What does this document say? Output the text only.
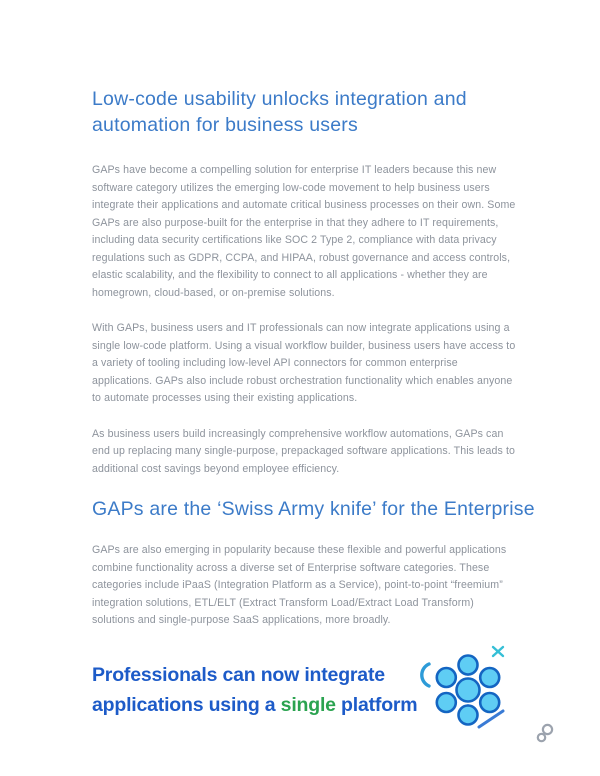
Low-code usability unlocks integration and automation for business users

GAPs have become a compelling solution for enterprise IT leaders because this new software category utilizes the emerging low-code movement to help business users integrate their applications and automate critical business processes on their own. Some GAPs are also purpose-built for the enterprise in that they adhere to IT requirements, including data security certifications like SOC 2 Type 2, compliance with data privacy regulations such as GDPR, CCPA, and HIPAA, robust governance and access controls, elastic scalability, and the flexibility to connect to all applications - whether they are homegrown, cloud-based, or on-premise solutions.

With GAPs, business users and IT professionals can now integrate applications using a single low-code platform. Using a visual workflow builder, business users have access to a variety of tooling including low-level API connectors for common enterprise applications. GAPs also include robust orchestration functionality which enables anyone to automate processes using their existing applications.

As business users build increasingly comprehensive workflow automations, GAPs can end up replacing many single-purpose, prepackaged software applications. This leads to additional cost savings beyond employee efficiency.

GAPs are the ‘Swiss Army knife’ for the Enterprise

GAPs are also emerging in popularity because these flexible and powerful applications combine functionality across a diverse set of Enterprise software categories. These categories include iPaaS (Integration Platform as a Service), point-to-point “freemium” integration solutions, ETL/ELT (Extract Transform Load/Extract Load Transform) solutions and single-purpose SaaS applications, more broadly.

Professionals can now integrate
applications using a single platform
